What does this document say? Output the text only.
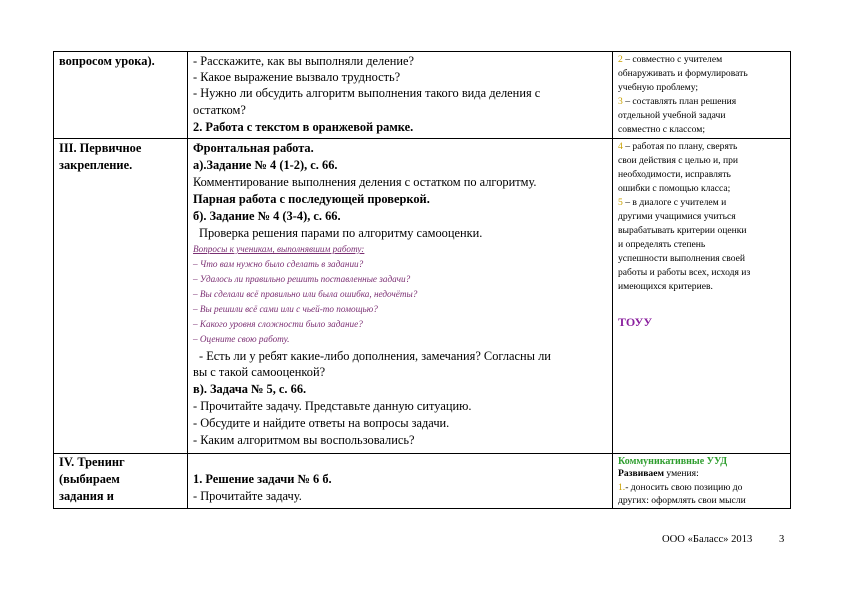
вопросом урока).	- Расскажите, как вы выполняли деление?
- Какое выражение вызвало трудность?
- Нужно ли обсудить алгоритм выполнения такого вида деления с
остатком?
2. Работа с текстом в оранжевой рамке.
2 – совместно с учителем
обнаруживать и формулировать
учебную проблему;
3 – составлять план решения
отдельной учебной задачи
совместно с классом;
III. Первичное
закрепление.
Фронтальная работа.
а).Задание № 4 (1-2), с. 66.
Комментирование выполнения деления с остатком по алгоритму.
Парная работа с последующей проверкой.
б). Задание № 4 (3-4), с. 66.
Проверка решения парами по алгоритму самооценки.
Вопросы к ученикам, выполнявшим работу:
– Что вам нужно было сделать в задании?
– Удалось ли правильно решить поставленные задачи?
– Вы сделали всё правильно или была ошибка, недочёты?
– Вы решили всё сами или с чьей-то помощью?
– Какого уровня сложности было задание?
– Оцените свою работу.
- Есть ли у ребят какие-либо дополнения, замечания? Согласны ли
вы с такой самооценкой?
в). Задача № 5, с. 66.
- Прочитайте задачу. Представьте данную ситуацию.
- Обсудите и найдите ответы на вопросы задачи.
- Каким алгоритмом вы воспользовались?
4 – работая по плану, сверять
свои действия с целью и, при
необходимости, исправлять
ошибки с помощью класса;
5 – в диалоге с учителем и
другими учащимися учиться
вырабатывать критерии оценки
и определять степень
успешности выполнения своей
работы и работы всех, исходя из
имеющихся критериев.
ТОУУ
IV. Тренинг
(выбираем
задания и
1. Решение задачи № 6 б.
- Прочитайте задачу.
Коммуникативные УУД
Развиваем умения:
1.- доносить свою позицию до
других: оформлять свои мысли
ООО «Баласс» 2013	3
